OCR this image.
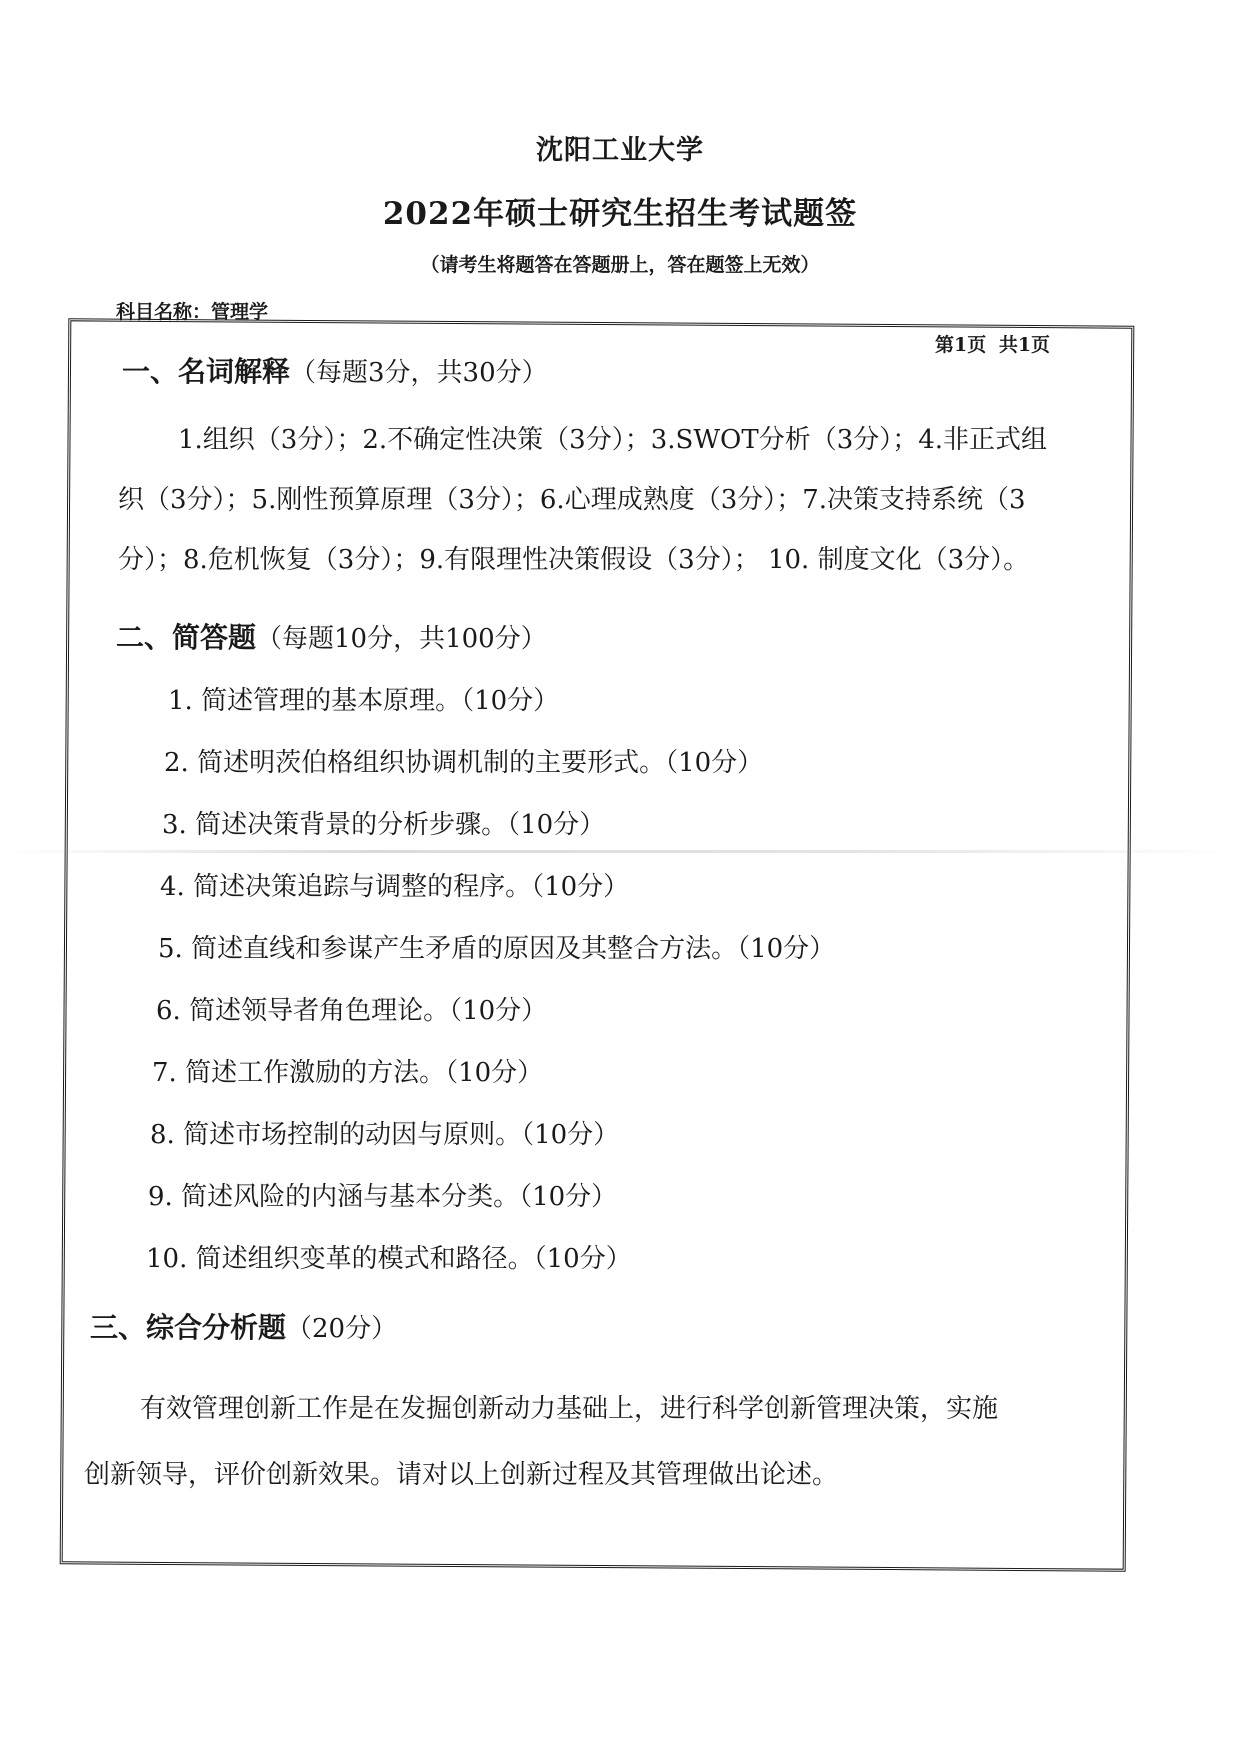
沈阳工业大学
2022年硕士研究生招生考试题签
（请考生将题答在答题册上，答在题签上无效）
科目名称：管理学
第1页 共1页
一、名词解释（每题3分，共30分）
1.组织（3分）；2.不确定性决策（3分）；3.SWOT分析（3分）；4.非正式组
织（3分）；5.刚性预算原理（3分）；6.心理成熟度（3分）；7.决策支持系统（3
分）；8.危机恢复（3分）；9.有限理性决策假设（3分）； 10. 制度文化（3分）。
二、简答题（每题10分，共100分）
1. 简述管理的基本原理。（10分）
2. 简述明茨伯格组织协调机制的主要形式。（10分）
3. 简述决策背景的分析步骤。（10分）
4. 简述决策追踪与调整的程序。（10分）
5. 简述直线和参谋产生矛盾的原因及其整合方法。（10分）
6. 简述领导者角色理论。（10分）
7. 简述工作激励的方法。（10分）
8. 简述市场控制的动因与原则。（10分）
9. 简述风险的内涵与基本分类。（10分）
10. 简述组织变革的模式和路径。（10分）
三、综合分析题（20分）
有效管理创新工作是在发掘创新动力基础上，进行科学创新管理决策，实施
创新领导，评价创新效果。请对以上创新过程及其管理做出论述。
